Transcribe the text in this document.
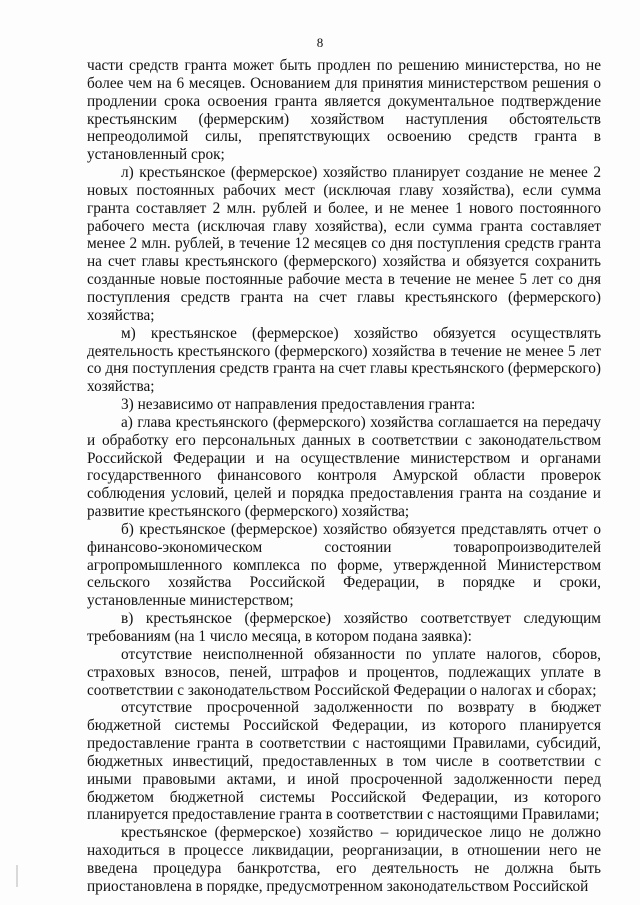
8

части средств гранта может быть продлен по решению министерства, но не более чем на 6 месяцев. Основанием для принятия министерством решения о продлении срока освоения гранта является документальное подтверждение крестьянским (фермерским) хозяйством наступления обстоятельств непреодолимой силы, препятствующих освоению средств гранта в установленный срок;

л) крестьянское (фермерское) хозяйство планирует создание не менее 2 новых постоянных рабочих мест (исключая главу хозяйства), если сумма гранта составляет 2 млн. рублей и более, и не менее 1 нового постоянного рабочего места (исключая главу хозяйства), если сумма гранта составляет менее 2 млн. рублей, в течение 12 месяцев со дня поступления средств гранта на счет главы крестьянского (фермерского) хозяйства и обязуется сохранить созданные новые постоянные рабочие места в течение не менее 5 лет со дня поступления средств гранта на счет главы крестьянского (фермерского) хозяйства;

м) крестьянское (фермерское) хозяйство обязуется осуществлять деятельность крестьянского (фермерского) хозяйства в течение не менее 5 лет со дня поступления средств гранта на счет главы крестьянского (фермерского) хозяйства;

3) независимо от направления предоставления гранта:

а) глава крестьянского (фермерского) хозяйства соглашается на передачу и обработку его персональных данных в соответствии с законодательством Российской Федерации и на осуществление министерством и органами государственного финансового контроля Амурской области проверок соблюдения условий, целей и порядка предоставления гранта на создание и развитие крестьянского (фермерского) хозяйства;

б) крестьянское (фермерское) хозяйство обязуется представлять отчет о финансово-экономическом состоянии товаропроизводителей агропромышленного комплекса по форме, утвержденной Министерством сельского хозяйства Российской Федерации, в порядке и сроки, установленные министерством;

в) крестьянское (фермерское) хозяйство соответствует следующим требованиям (на 1 число месяца, в котором подана заявка):

отсутствие неисполненной обязанности по уплате налогов, сборов, страховых взносов, пеней, штрафов и процентов, подлежащих уплате в соответствии с законодательством Российской Федерации о налогах и сборах;

отсутствие просроченной задолженности по возврату в бюджет бюджетной системы Российской Федерации, из которого планируется предоставление гранта в соответствии с настоящими Правилами, субсидий, бюджетных инвестиций, предоставленных в том числе в соответствии с иными правовыми актами, и иной просроченной задолженности перед бюджетом бюджетной системы Российской Федерации, из которого планируется предоставление гранта в соответствии с настоящими Правилами;

крестьянское (фермерское) хозяйство – юридическое лицо не должно находиться в процессе ликвидации, реорганизации, в отношении него не введена процедура банкротства, его деятельность не должна быть приостановлена в порядке, предусмотренном законодательством Российской
